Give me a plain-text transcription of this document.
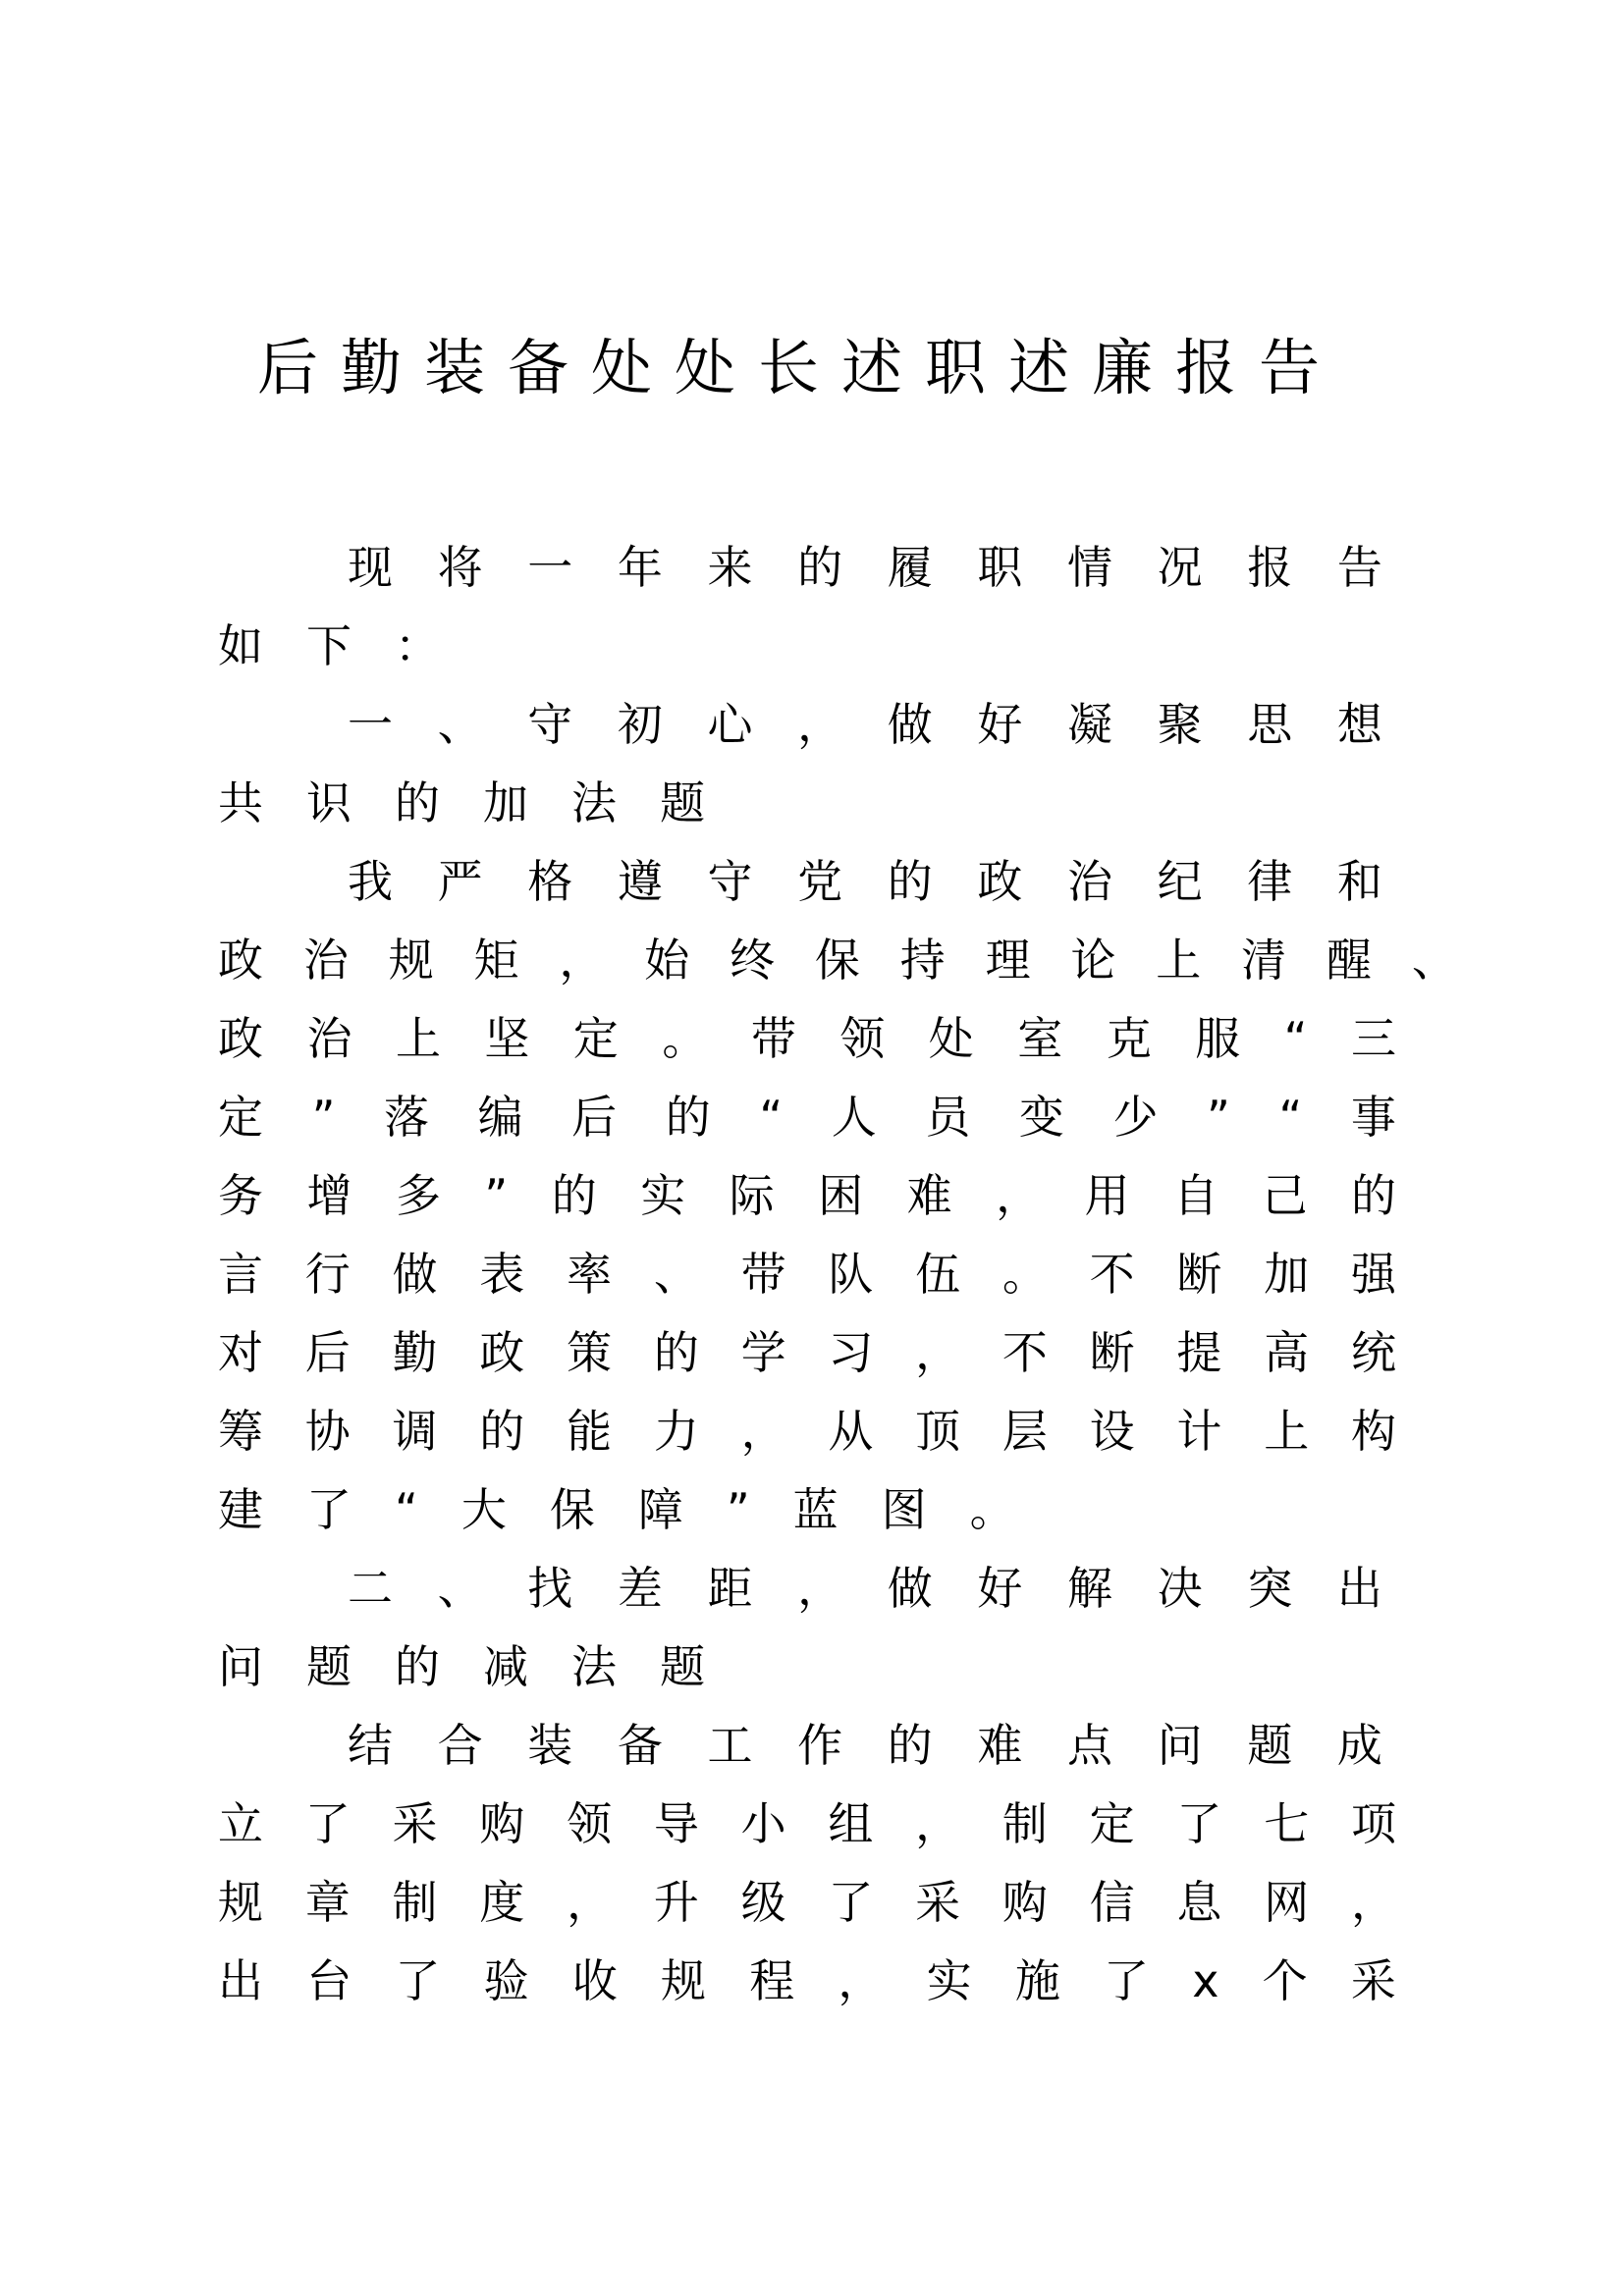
后勤装备处处长述职述廉报告

现 将 一 年 来 的 履 职 情 况 报 告

如下：

一 、 守 初 心 ， 做 好 凝 聚 思 想

共识的加法题

我 严 格 遵 守 党 的 政 治 纪 律 和

政 治 规 矩 ， 始 终 保 持 理 论 上 清 醒 、

政 治 上 坚 定 。 带 领 处 室 克 服 “ 三

定 ” 落 编 后 的 “ 人 员 变 少 ” “ 事

务 增 多 ” 的 实 际 困 难 ， 用 自 己 的

言 行 做 表 率 、 带 队 伍 。 不 断 加 强

对 后 勤 政 策 的 学 习 ， 不 断 提 高 统

筹 协 调 的 能 力 ， 从 顶 层 设 计 上 构

建了“大保障”蓝图。

二 、 找 差 距 ， 做 好 解 决 突 出

问题的减法题

结 合 装 备 工 作 的 难 点 问 题 成

立 了 采 购 领 导 小 组 ， 制 定 了 七 项

规 章 制 度 ， 升 级 了 采 购 信 息 网 ，

出 台 了 验 收 规 程 ， 实 施 了 x 个 采
